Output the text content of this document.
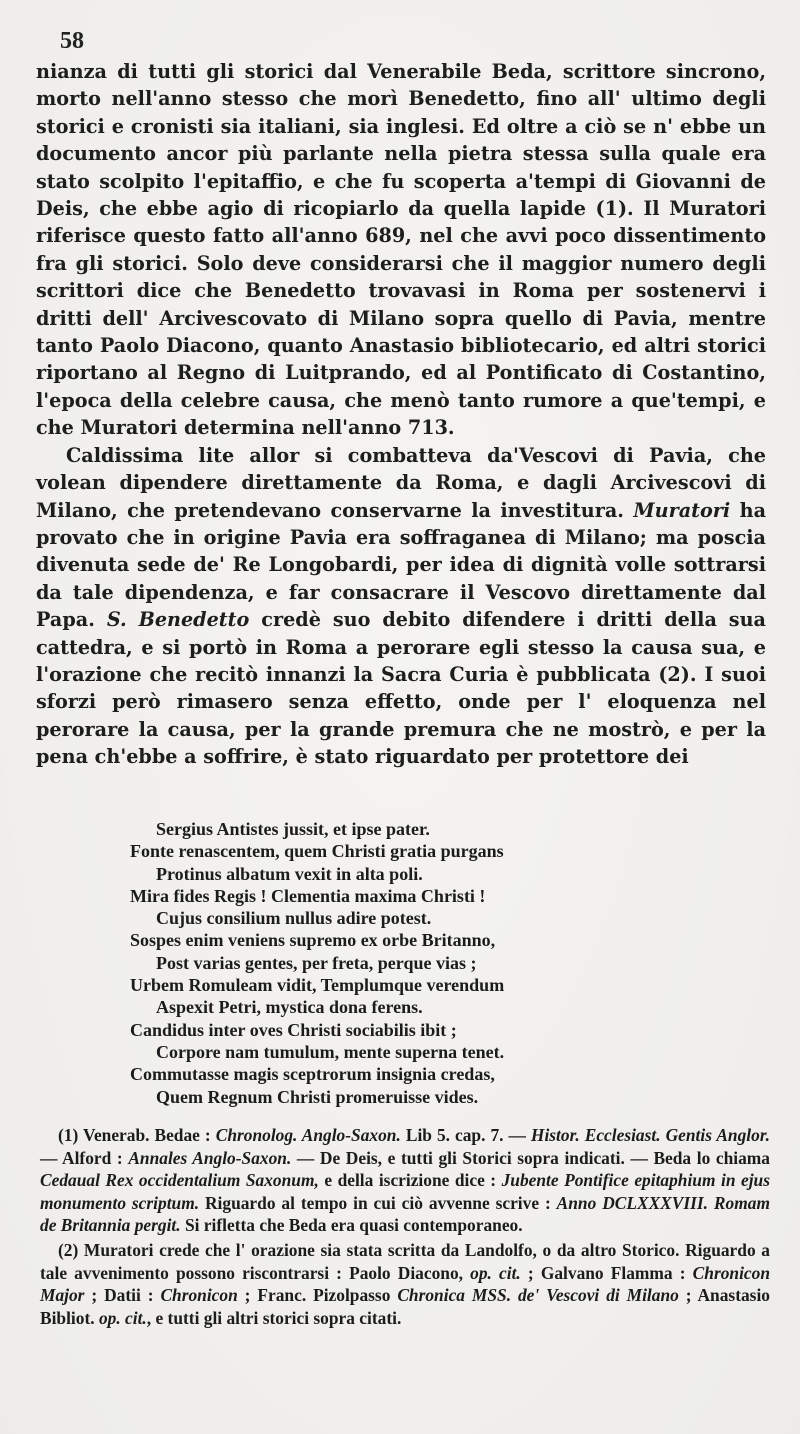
58

nianza di tutti gli storici dal Venerabile Beda, scrittore sincrono, morto nell'anno stesso che morì Benedetto, fino all' ultimo degli storici e cronisti sia italiani, sia inglesi. Ed oltre a ciò se n' ebbe un documento ancor più parlante nella pietra stessa sulla quale era stato scolpito l'epitaffio, e che fu scoperta a'tempi di Giovanni de Deis, che ebbe agio di ricopiarlo da quella lapide (1). Il Muratori riferisce questo fatto all'anno 689, nel che avvi poco dissentimento fra gli storici. Solo deve considerarsi che il maggior numero degli scrittori dice che Benedetto trovavasi in Roma per sostenervi i dritti dell' Arcivescovato di Milano sopra quello di Pavia, mentre tanto Paolo Diacono, quanto Anastasio bibliotecario, ed altri storici riportano al Regno di Luitprando, ed al Pontificato di Costantino, l'epoca della celebre causa, che menò tanto rumore a que'tempi, e che Muratori determina nell'anno 713.

Caldissima lite allor si combatteva da'Vescovi di Pavia, che volean dipendere direttamente da Roma, e dagli Arcivescovi di Milano, che pretendevano conservarne la investitura. Muratori ha provato che in origine Pavia era soffraganea di Milano; ma poscia divenuta sede de' Re Longobardi, per idea di dignità volle sottrarsi da tale dipendenza, e far consacrare il Vescovo direttamente dal Papa. S. Benedetto credè suo debito difendere i dritti della sua cattedra, e si portò in Roma a perorare egli stesso la causa sua, e l'orazione che recitò innanzi la Sacra Curia è pubblicata (2). I suoi sforzi però rimasero senza effetto, onde per l' eloquenza nel perorare la causa, per la grande premura che ne mostrò, e per la pena ch'ebbe a soffrire, è stato riguardato per protettore dei

Sergius Antistes jussit, et ipse pater.
Fonte renascentem, quem Christi gratia purgans
Protinus albatum vexit in alta poli.
Mira fides Regis ! Clementia maxima Christi !
Cujus consilium nullus adire potest.
Sospes enim veniens supremo ex orbe Britanno,
Post varias gentes, per freta, perque vias ;
Urbem Romuleam vidit, Templumque verendum
Aspexit Petri, mystica dona ferens.
Candidus inter oves Christi sociabilis ibit ;
Corpore nam tumulum, mente superna tenet.
Commutasse magis sceptrorum insignia credas,
Quem Regnum Christi promeruisse vides.

(1) Venerab. Bedae : Chronolog. Anglo-Saxon. Lib 5. cap. 7. — Histor. Ecclesiast. Gentis Anglor. — Alford : Annales Anglo-Saxon. — De Deis, e tutti gli Storici sopra indicati. — Beda lo chiama Cedaual Rex occidentalium Saxonum, e della iscrizione dice : Jubente Pontifice epitaphium in ejus monumento scriptum. Riguardo al tempo in cui ciò avvenne scrive : Anno DCLXXXVIII. Romam de Britannia pergit. Si rifletta che Beda era quasi contemporaneo.

(2) Muratori crede che l' orazione sia stata scritta da Landolfo, o da altro Storico. Riguardo a tale avvenimento possono riscontrarsi : Paolo Diacono, op. cit. ; Galvano Flamma : Chronicon Major ; Datii : Chronicon ; Franc. Pizolpasso Chronica MSS. de' Vescovi di Milano ; Anastasio Bibliot. op. cit., e tutti gli altri storici sopra citati.
